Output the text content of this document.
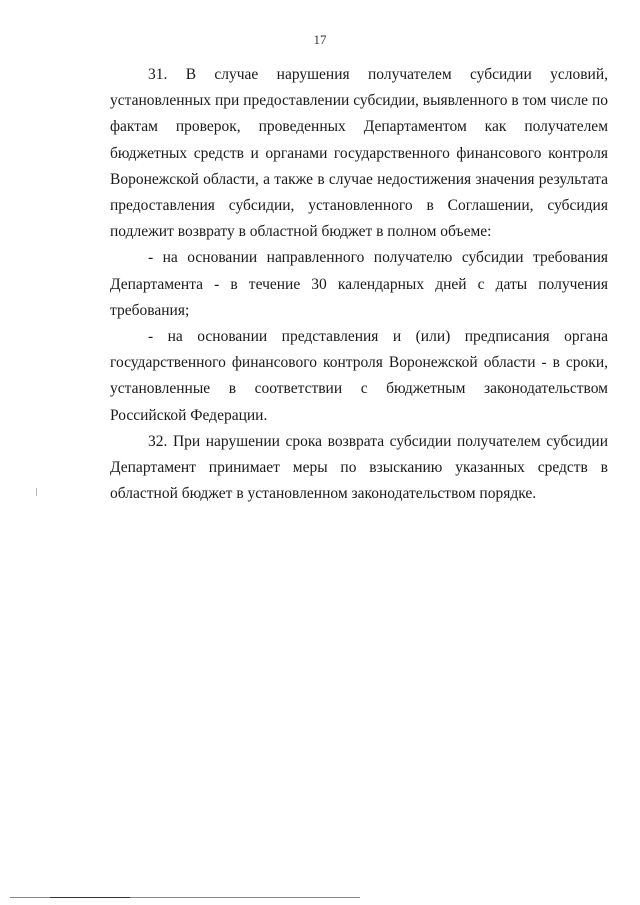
17

31. В случае нарушения получателем субсидии условий, установленных при предоставлении субсидии, выявленного в том числе по фактам проверок, проведенных Департаментом как получателем бюджетных средств и органами государственного финансового контроля Воронежской области, а также в случае недостижения значения результата предоставления субсидии, установленного в Соглашении, субсидия подлежит возврату в областной бюджет в полном объеме:

- на основании направленного получателю субсидии требования Департамента - в течение 30 календарных дней с даты получения требования;

- на основании представления и (или) предписания органа государственного финансового контроля Воронежской области - в сроки, установленные в соответствии с бюджетным законодательством Российской Федерации.

32. При нарушении срока возврата субсидии получателем субсидии Департамент принимает меры по взысканию указанных средств в областной бюджет в установленном законодательством порядке.
